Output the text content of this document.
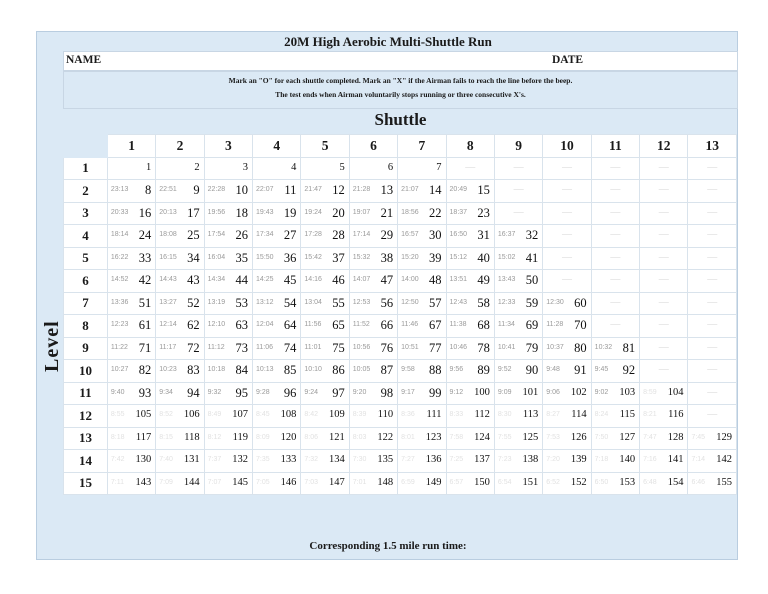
20M High Aerobic Multi-Shuttle Run
NAME	DATE
Mark an "O" for each shuttle completed. Mark an "X" if the Airman fails to reach the line before the beep.
The test ends when Airman voluntarily stops running or three consecutive X's.
Shuttle
Level
	1	2	3	4	5	6	7	8	9	10	11	12	13
1	1	2	3	4	5	6	7	—	—	—	—	—	—

2	23:13 8	22:51 9	22:28 10	22:07 11	21:47 12	21:28 13	21:07 14	20:49 15	—	—	—	—	—

3	20:33 16	20:13 17	19:56 18	19:43 19	19:24 20	19:07 21	18:56 22	18:37 23	—	—	—	—	—

4	18:14 24	18:08 25	17:54 26	17:34 27	17:28 28	17:14 29	16:57 30	16:50 31	16:37 32	—	—	—	—

5	16:22 33	16:15 34	16:04 35	15:50 36	15:42 37	15:32 38	15:20 39	15:12 40	15:02 41	—	—	—	—

6	14:52 42	14:43 43	14:34 44	14:25 45	14:16 46	14:07 47	14:00 48	13:51 49	13:43 50	—	—	—	—

7	13:36 51	13:27 52	13:19 53	13:12 54	13:04 55	12:53 56	12:50 57	12:43 58	12:33 59	12:30 60	—	—	—

8	12:23 61	12:14 62	12:10 63	12:04 64	11:56 65	11:52 66	11:46 67	11:38 68	11:34 69	11:28 70	—	—	—

9	11:22 71	11:17 72	11:12 73	11:06 74	11:01 75	10:56 76	10:51 77	10:46 78	10:41 79	10:37 80	10:32 81	—	—

10	10:27 82	10:23 83	10:18 84	10:13 85	10:10 86	10:05 87	9:58 88	9:56 89	9:52 90	9:48 91	9:45 92	—	—

11	9:40 93	9:34 94	9:32 95	9:28 96	9:24 97	9:20 98	9:17 99	9:12 100	9:09 101	9:06 102	9:02 103	8:59 104	—

12	8:55 105	8:52 106	8:49 107	8:45 108	8:42 109	8:39 110	8:36 111	8:33 112	8:30 113	8:27 114	8:24 115	8:21 116	—

13	8:18 117	8:15 118	8:12 119	8:09 120	8:06 121	8:03 122	8:01 123	7:58 124	7:55 125	7:53 126	7:50 127	7:47 128	7:45 129

14	7:42 130	7:40 131	7:37 132	7:35 133	7:32 134	7:30 135	7:27 136	7:25 137	7:23 138	7:20 139	7:18 140	7:16 141	7:14 142

15	7:11 143	7:09 144	7:07 145	7:05 146	7:03 147	7:01 148	6:59 149	6:57 150	6:54 151	6:52 152	6:50 153	6:48 154	6:46 155
Corresponding 1.5 mile run time:
